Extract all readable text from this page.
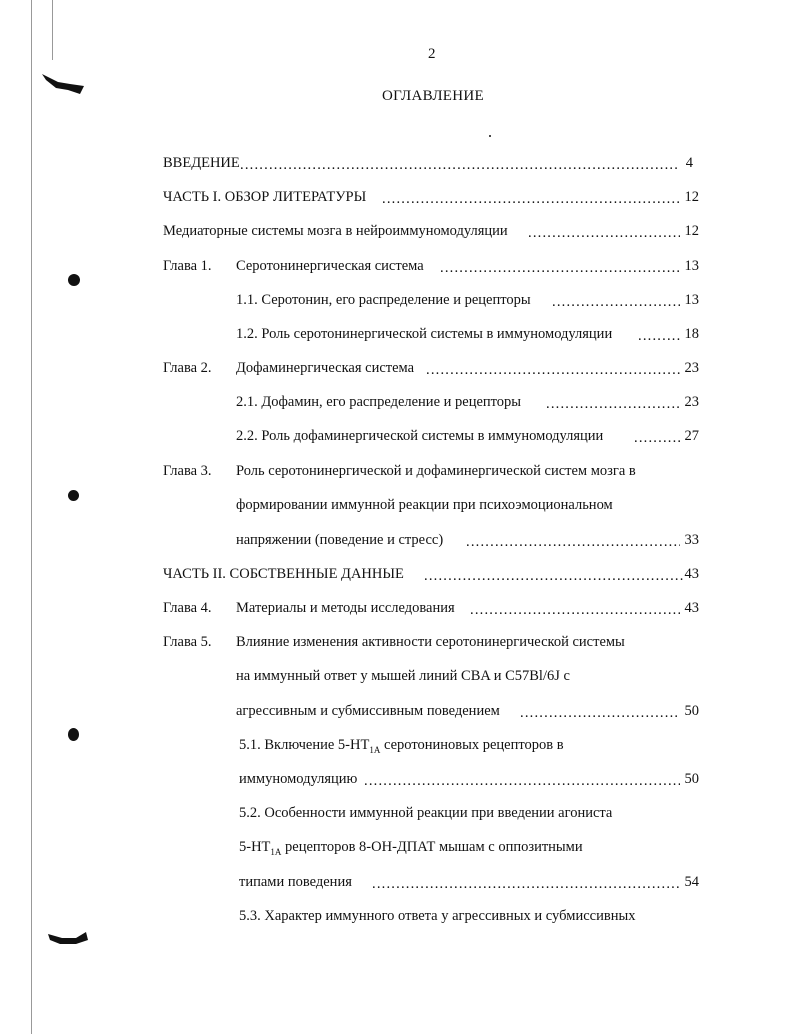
2
ОГЛАВЛЕНИЕ
ВВЕДЕНИЕ .....	4
ЧАСТЬ I. ОБЗОР ЛИТЕРАТУРЫ .....	12
Медиаторные системы мозга в нейроиммуномодуляции .....	12
Глава 1. Серотонинергическая система .....	13
1.1. Серотонин, его распределение и рецепторы .....	13
1.2. Роль серотонинергической системы в иммуномодуляции .....	18
Глава 2. Дофаминергическая система .....	23
2.1. Дофамин, его распределение и рецепторы .....	23
2.2. Роль дофаминергической системы в иммуномодуляции .....	27
Глава 3. Роль серотонинергической и дофаминергической систем мозга в
формировании иммунной реакции при психоэмоциональном
напряжении (поведение и стресс) .....	33
ЧАСТЬ II. СОБСТВЕННЫЕ ДАННЫЕ .....	43
Глава 4. Материалы и методы исследования .....	43
Глава 5. Влияние изменения активности серотонинергической системы
на иммунный ответ у мышей линий CBA и C57Bl/6J с
агрессивным и субмиссивным поведением .....	50
5.1. Включение $5-HT_{1A}$ серотониновых рецепторов в
иммуномодуляцию .....	50
5.2. Особенности иммунной реакции при введении агониста
$5-HT_{1A}$ рецепторов 8-OH-ДПАТ мышам с оппозитными
типами поведения .....	54
5.3. Характер иммунного ответа у агрессивных и субмиссивных
